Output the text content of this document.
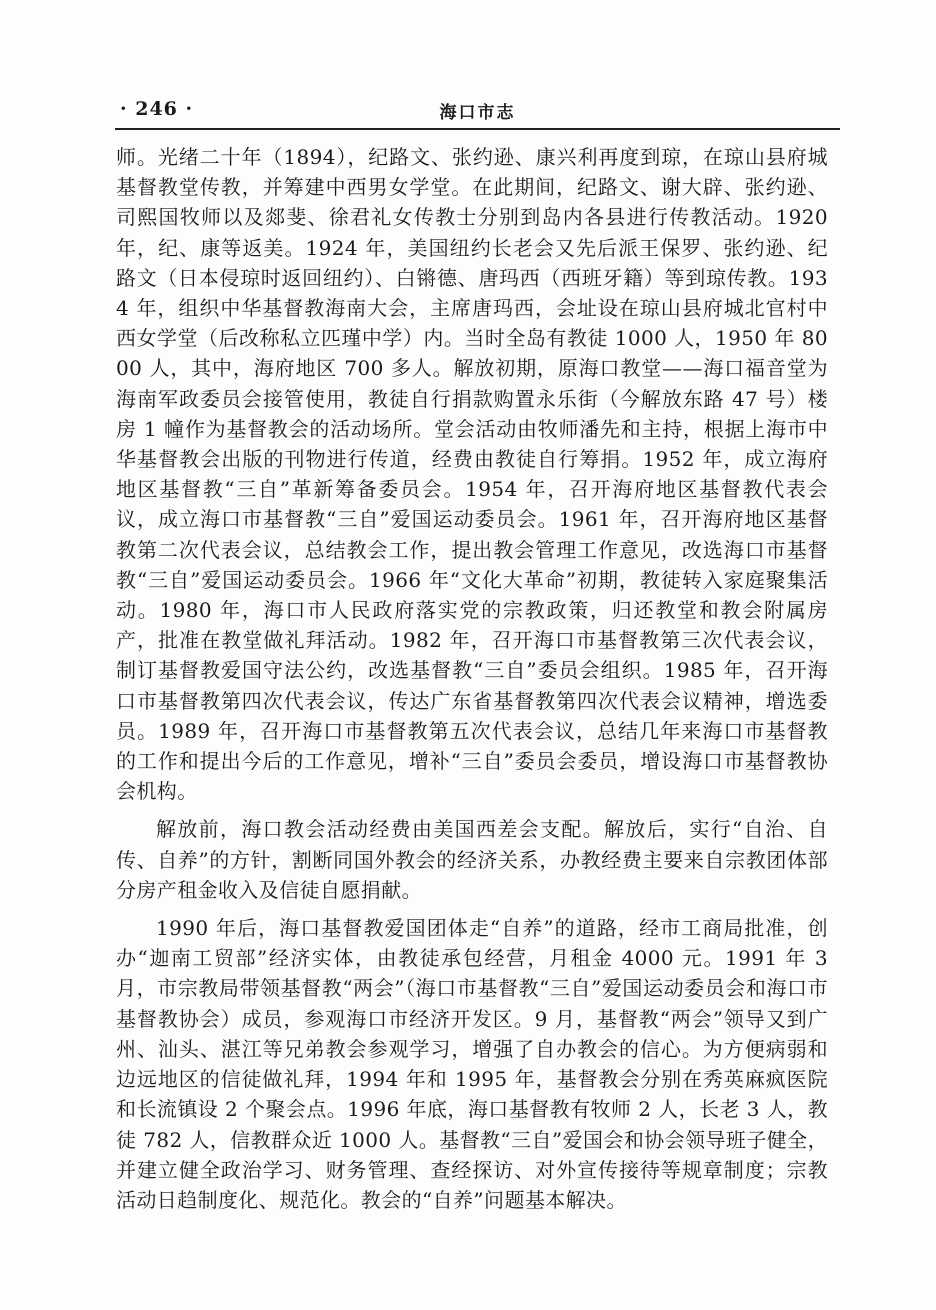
· 246 ·	海口市志

师。光绪二十年（1894），纪路文、张约逊、康兴利再度到琼，在琼山县府城基督教堂传教，并筹建中西男女学堂。在此期间，纪路文、谢大辟、张约逊、司熙国牧师以及郯斐、徐君礼女传教士分别到岛内各县进行传教活动。1920 年，纪、康等返美。1924 年，美国纽约长老会又先后派王保罗、张约逊、纪路文（日本侵琼时返回纽约）、白锵德、唐玛西（西班牙籍）等到琼传教。1934 年，组织中华基督教海南大会，主席唐玛西，会址设在琼山县府城北官村中西女学堂（后改称私立匹瑾中学）内。当时全岛有教徒 1000 人，1950 年 8000 人，其中，海府地区 700 多人。解放初期，原海口教堂——海口福音堂为海南军政委员会接管使用，教徒自行捐款购置永乐街（今解放东路 47 号）楼房 1 幢作为基督教会的活动场所。堂会活动由牧师潘先和主持，根据上海市中华基督教会出版的刊物进行传道，经费由教徒自行筹捐。1952 年，成立海府地区基督教“三自”革新筹备委员会。1954 年，召开海府地区基督教代表会议，成立海口市基督教“三自”爱国运动委员会。1961 年，召开海府地区基督教第二次代表会议，总结教会工作，提出教会管理工作意见，改选海口市基督教“三自”爱国运动委员会。1966 年“文化大革命”初期，教徒转入家庭聚集活动。1980 年，海口市人民政府落实党的宗教政策，归还教堂和教会附属房产，批准在教堂做礼拜活动。1982 年，召开海口市基督教第三次代表会议，制订基督教爱国守法公约，改选基督教“三自”委员会组织。1985 年，召开海口市基督教第四次代表会议，传达广东省基督教第四次代表会议精神，增选委员。1989 年，召开海口市基督教第五次代表会议，总结几年来海口市基督教的工作和提出今后的工作意见，增补“三自”委员会委员，增设海口市基督教协会机构。

解放前，海口教会活动经费由美国西差会支配。解放后，实行“自治、自传、自养”的方针，割断同国外教会的经济关系，办教经费主要来自宗教团体部分房产租金收入及信徒自愿捐献。

1990 年后，海口基督教爱国团体走“自养”的道路，经市工商局批准，创办“迦南工贸部”经济实体，由教徒承包经营，月租金 4000 元。1991 年 3 月，市宗教局带领基督教“两会”（海口市基督教“三自”爱国运动委员会和海口市基督教协会）成员，参观海口市经济开发区。9 月，基督教“两会”领导又到广州、汕头、湛江等兄弟教会参观学习，增强了自办教会的信心。为方便病弱和边远地区的信徒做礼拜，1994 年和 1995 年，基督教会分别在秀英麻疯医院和长流镇设 2 个聚会点。1996 年底，海口基督教有牧师 2 人，长老 3 人，教徒 782 人，信教群众近 1000 人。基督教“三自”爱国会和协会领导班子健全，并建立健全政治学习、财务管理、查经探访、对外宣传接待等规章制度；宗教活动日趋制度化、规范化。教会的“自养”问题基本解决。
